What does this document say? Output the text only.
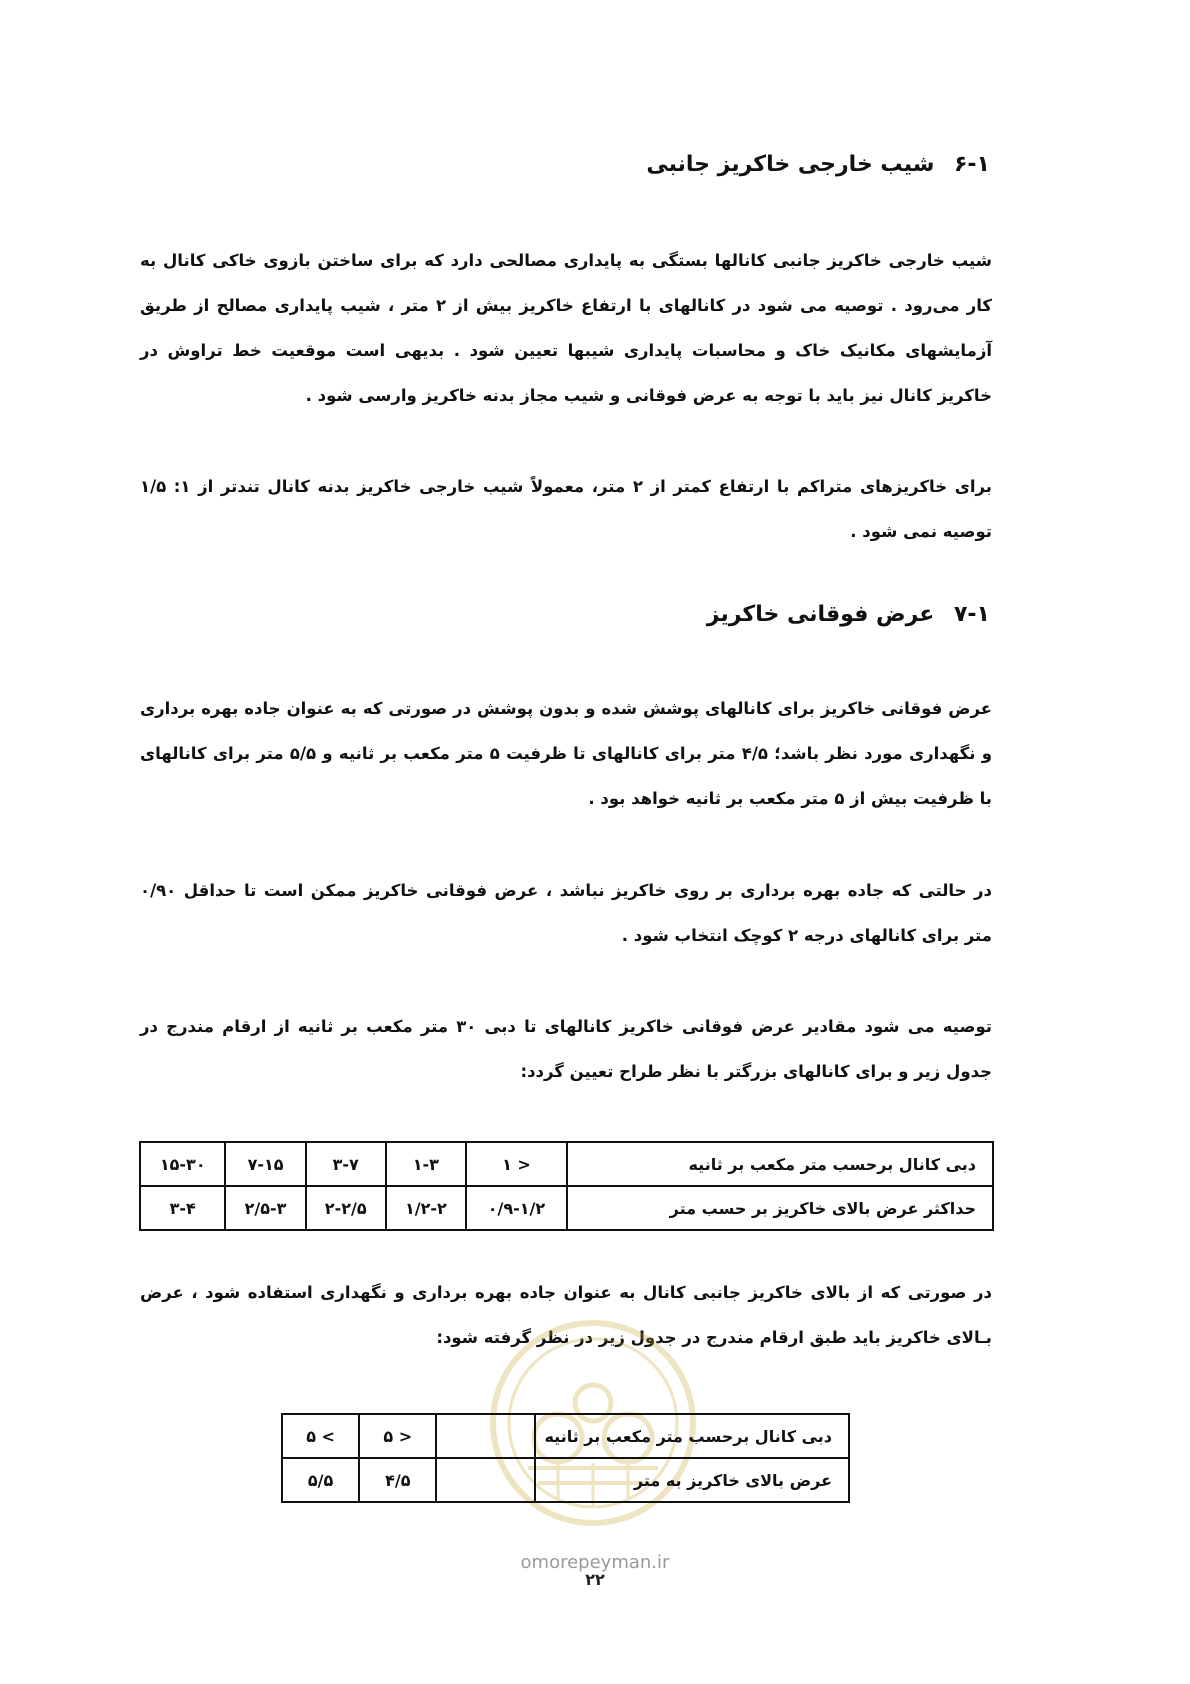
۶-۱ شیب خارجی خاکریز جانبی

شیب خارجی خاکریز جانبی کانالها بستگی به پایداری مصالحی دارد که برای ساختن بازوی خاکی کانال به کار می‌رود . توصیه می شود در کانالهای با ارتفاع خاکریز بیش از ۲ متر ، شیب پایداری مصالح از طریق آزمایشهای مکانیک خاک و محاسبات پایداری شیبها تعیین شود . بدیهی است موقعیت خط تراوش در خاکریز کانال نیز باید با توجه به عرض فوقانی و شیب مجاز بدنه خاکریز وارسی شود .

برای خاکریزهای متراکم با ارتفاع کمتر از ۲ متر، معمولاً شیب خارجی خاکریز بدنه کانال تندتر از ۱: ۱/۵ توصیه نمی شود .

۷-۱ عرض فوقانی خاکریز

عرض فوقانی خاکریز برای کانالهای پوشش شده و بدون پوشش در صورتی که به عنوان جاده بهره برداری و نگهداری مورد نظر باشد؛ ۴/۵ متر برای کانالهای تا ظرفیت ۵ متر مکعب بر ثانیه و ۵/۵ متر برای کانالهای با ظرفیت بیش از ۵ متر مکعب بر ثانیه خواهد بود .

در حالتی که جاده بهره برداری بر روی خاکریز نباشد ، عرض فوقانی خاکریز ممکن است تا حداقل ۰/۹۰ متر برای کانالهای درجه ۲ کوچک انتخاب شود .

توصیه می شود مقادیر عرض فوقانی خاکریز کانالهای تا دبی ۳۰ متر مکعب بر ثانیه از ارقام مندرج در جدول زیر و برای کانالهای بزرگتر با نظر طراح تعیین گردد:

دبی کانال برحسب متر مکعب بر ثانیه	< ۱	۱-۳	۳-۷	۷-۱۵	۱۵-۳۰
حداکثر عرض بالای خاکریز بر حسب متر	۰/۹-۱/۲	۱/۲-۲	۲-۲/۵	۲/۵-۳	۳-۴

در صورتی که از بالای خاکریز جانبی کانال به عنوان جاده بهره برداری و نگهداری استفاده شود ، عرض بـالای خاکریز باید طبق ارقام مندرج در جدول زیر در نظر گرفته شود:

دبی کانال برحسب متر مکعب بر ثانیه		< ۵	> ۵
عرض بالای خاکریز به متر		۴/۵	۵/۵
omorepeyman.ir
۲۲
